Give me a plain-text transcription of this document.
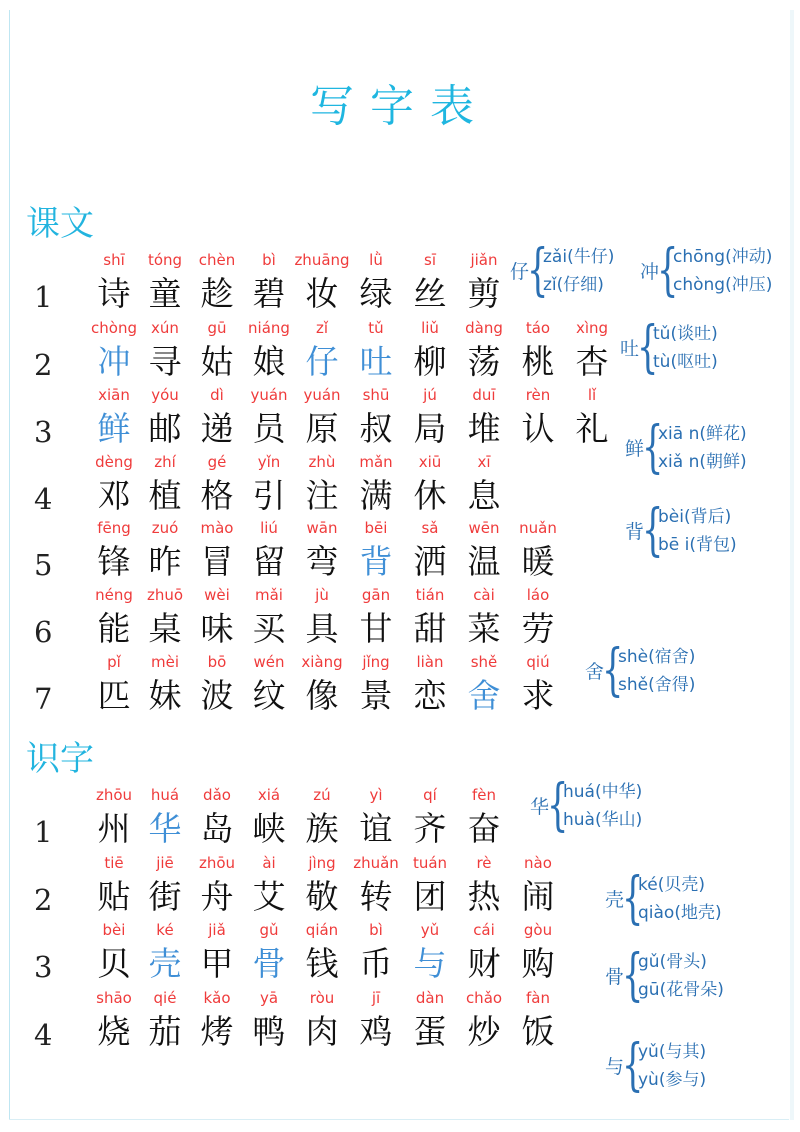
写字表
课文
识字
1
shī
诗
tóng
童
chèn
趁
bì
碧
zhuāng
妆
lǜ
绿
sī
丝
jiǎn
剪
2
chòng
冲
xún
寻
gū
姑
niáng
娘
zǐ
仔
tǔ
吐
liǔ
柳
dàng
荡
táo
桃
xìng
杏
3
xiān
鲜
yóu
邮
dì
递
yuán
员
yuán
原
shū
叔
jú
局
duī
堆
rèn
认
lǐ
礼
4
dèng
邓
zhí
植
gé
格
yǐn
引
zhù
注
mǎn
满
xiū
休
xī
息
5
fēng
锋
zuó
昨
mào
冒
liú
留
wān
弯
bēi
背
sǎ
洒
wēn
温
nuǎn
暖
6
néng
能
zhuō
桌
wèi
味
mǎi
买
jù
具
gān
甘
tián
甜
cài
菜
láo
劳
7
pǐ
匹
mèi
妹
bō
波
wén
纹
xiàng
像
jǐng
景
liàn
恋
shě
舍
qiú
求
1
zhōu
州
huá
华
dǎo
岛
xiá
峡
zú
族
yì
谊
qí
齐
fèn
奋
2
tiē
贴
jiē
街
zhōu
舟
ài
艾
jìng
敬
zhuǎn
转
tuán
团
rè
热
nào
闹
3
bèi
贝
ké
壳
jiǎ
甲
gǔ
骨
qián
钱
bì
币
yǔ
与
cái
财
gòu
购
4
shāo
烧
qié
茄
kǎo
烤
yā
鸭
ròu
肉
jī
鸡
dàn
蛋
chǎo
炒
fàn
饭
仔
{
zǎi(牛仔)
zǐ(仔细)
冲
{
chōng(冲动)
chòng(冲压)
吐
{
tǔ(谈吐)
tù(呕吐)
鲜
{
xiā n(鲜花)
xiǎ n(朝鲜)
背
{
bèi(背后)
bē i(背包)
舍
{
shè(宿舍)
shě(舍得)
华
{
huá(中华)
huà(华山)
壳
{
ké(贝壳)
qiào(地壳)
骨
{
gǔ(骨头)
gū(花骨朵)
与
{
yǔ(与其)
yù(参与)
